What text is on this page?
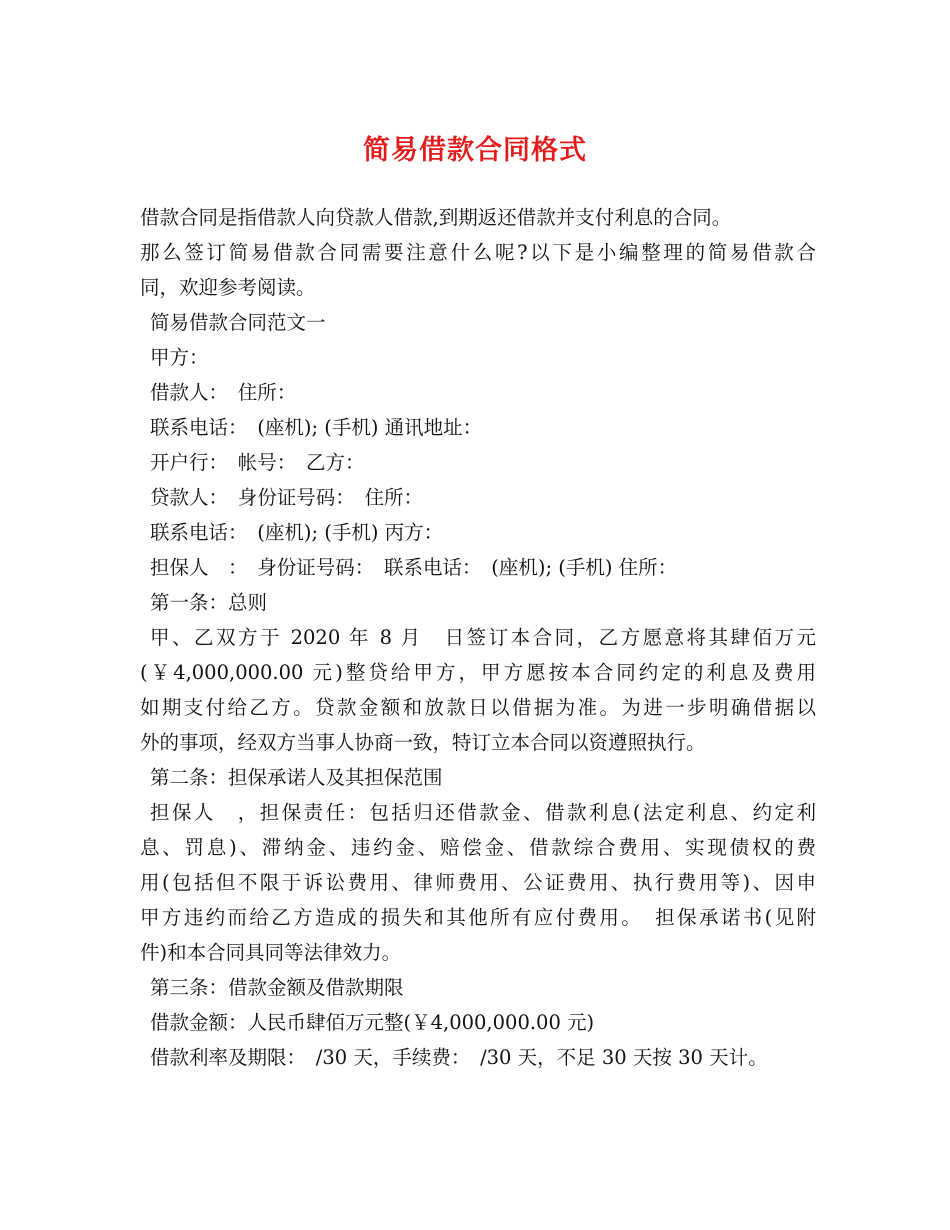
简易借款合同格式
借款合同是指借款人向贷款人借款,到期返还借款并支付利息的合同。
那么签订简易借款合同需要注意什么呢?以下是小编整理的简易借款合
同，欢迎参考阅读。
简易借款合同范文一
甲方：
借款人：　住所：
联系电话：　(座机); (手机) 通讯地址：
开户行：　帐号：　乙方：
贷款人：　身份证号码：　住所：
联系电话：　(座机); (手机) 丙方：
担保人　：　身份证号码：　联系电话：　(座机); (手机) 住所：
第一条：总则
甲、乙双方于 2020 年 8 月　日签订本合同，乙方愿意将其肆佰万元
(￥4,000,000.00 元)整贷给甲方，甲方愿按本合同约定的利息及费用
如期支付给乙方。贷款金额和放款日以借据为准。为进一步明确借据以
外的事项，经双方当事人协商一致，特订立本合同以资遵照执行。
第二条：担保承诺人及其担保范围
担保人　，担保责任：包括归还借款金、借款利息(法定利息、约定利
息、罚息)、滞纳金、违约金、赔偿金、借款综合费用、实现债权的费
用(包括但不限于诉讼费用、律师费用、公证费用、执行费用等)、因申
甲方违约而给乙方造成的损失和其他所有应付费用。　担保承诺书(见附
件)和本合同具同等法律效力。
第三条：借款金额及借款期限
借款金额：人民币肆佰万元整(￥4,000,000.00 元)
借款利率及期限：　/30 天，手续费：　/30 天，不足 30 天按 30 天计。
